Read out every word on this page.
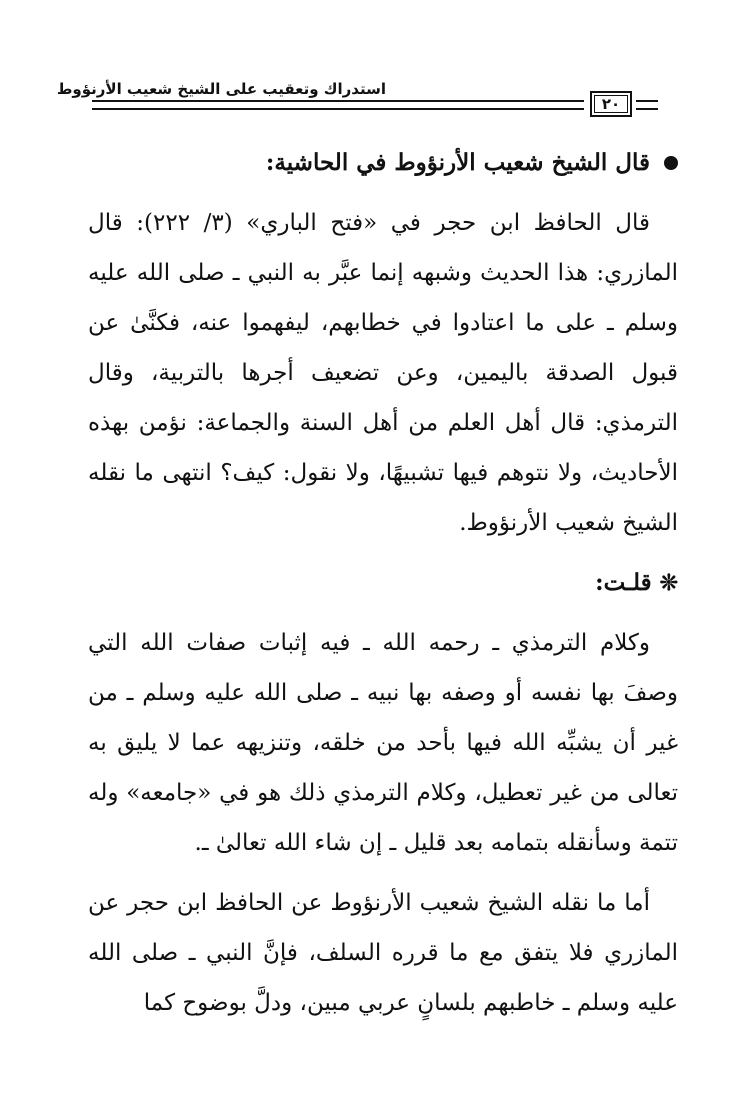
استدراك وتعقيب على الشيخ شعيب الأرنؤوط
٢٠
قال الشيخ شعيب الأرنؤوط في الحاشية:

قال الحافظ ابن حجر في «فتح الباري» (٣/ ٢٢٢): قال المازري: هذا الحديث وشبهه إنما عبَّر به النبي ـ صلى الله عليه وسلم ـ على ما اعتادوا في خطابهم، ليفهموا عنه، فكنَّىٰ عن قبول الصدقة باليمين، وعن تضعيف أجرها بالتربية، وقال الترمذي: قال أهل العلم من أهل السنة والجماعة: نؤمن بهذه الأحاديث، ولا نتوهم فيها تشبيهًا، ولا نقول: كيف؟ انتهى ما نقله الشيخ شعيب الأرنؤوط.

❊
قلـت:

وكلام الترمذي ـ رحمه الله ـ فيه إثبات صفات الله التي وصفَ بها نفسه أو وصفه بها نبيه ـ صلى الله عليه وسلم ـ من غير أن يشبِّه الله فيها بأحد من خلقه، وتنزيهه عما لا يليق به تعالى من غير تعطيل، وكلام الترمذي ذلك هو في «جامعه» وله تتمة وسأنقله بتمامه بعد قليل ـ إن شاء الله تعالىٰ ـ.

أما ما نقله الشيخ شعيب الأرنؤوط عن الحافظ ابن حجر عن المازري فلا يتفق مع ما قرره السلف، فإنَّ النبي ـ صلى الله عليه وسلم ـ خاطبهم بلسانٍ عربي مبين، ودلَّ بوضوح كما
